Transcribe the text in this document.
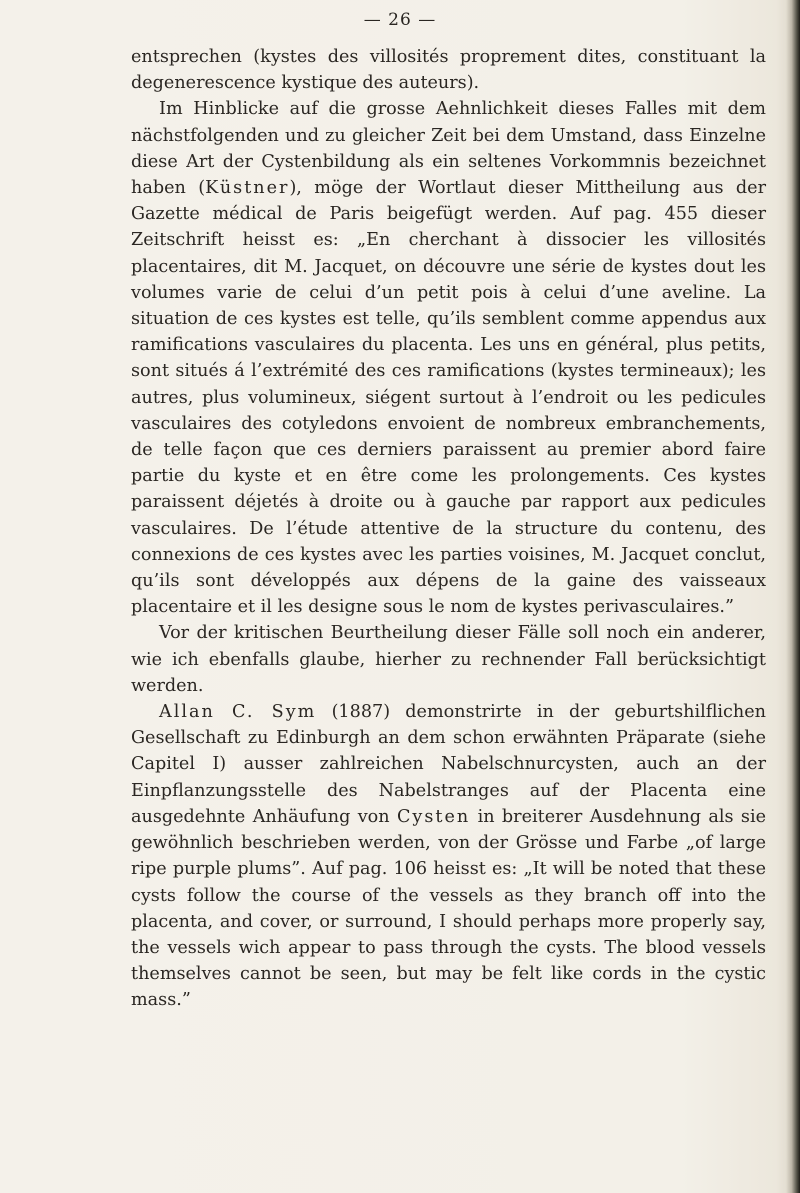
— 26 —

entsprechen (kystes des villosités proprement dites, constituant la degenerescence kystique des auteurs).

Im Hinblicke auf die grosse Aehnlichkeit dieses Falles mit dem nächstfolgenden und zu gleicher Zeit bei dem Umstand, dass Einzelne diese Art der Cystenbildung als ein seltenes Vorkommnis bezeichnet haben (Küstner), möge der Wortlaut dieser Mittheilung aus der Gazette médical de Paris beigefügt werden. Auf pag. 455 dieser Zeitschrift heisst es: „En cherchant à dissocier les villosités placentaires, dit M. Jacquet, on découvre une série de kystes dout les volumes varie de celui d’un petit pois à celui d’une aveline. La situation de ces kystes est telle, qu’ils semblent comme appendus aux ramifications vasculaires du placenta. Les uns en général, plus petits, sont situés á l’extrémité des ces ramifications (kystes termineaux); les autres, plus volumineux, siégent surtout à l’endroit ou les pedicules vasculaires des cotyledons envoient de nombreux embranchements, de telle façon que ces derniers paraissent au premier abord faire partie du kyste et en être come les prolongements. Ces kystes paraissent déjetés à droite ou à gauche par rapport aux pedicules vasculaires. De l’étude attentive de la structure du contenu, des connexions de ces kystes avec les parties voisines, M. Jacquet conclut, qu’ils sont développés aux dépens de la gaine des vaisseaux placentaire et il les designe sous le nom de kystes perivasculaires.”

Vor der kritischen Beurtheilung dieser Fälle soll noch ein anderer, wie ich ebenfalls glaube, hierher zu rechnender Fall berücksichtigt werden.

Allan C. Sym (1887) demonstrirte in der geburtshilflichen Gesellschaft zu Edinburgh an dem schon erwähnten Präparate (siehe Capitel I) ausser zahlreichen Nabelschnurcysten, auch an der Einpflanzungsstelle des Nabelstranges auf der Placenta eine ausgedehnte Anhäufung von Cysten in breiterer Ausdehnung als sie gewöhnlich beschrieben werden, von der Grösse und Farbe „of large ripe purple plums”. Auf pag. 106 heisst es: „It will be noted that these cysts follow the course of the vessels as they branch off into the placenta, and cover, or surround, I should perhaps more properly say, the vessels wich appear to pass through the cysts. The blood vessels themselves cannot be seen, but may be felt like cords in the cystic mass.”
